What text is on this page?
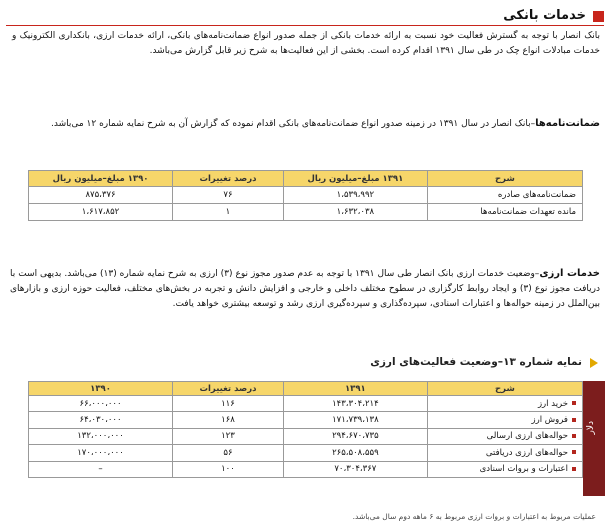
خدمات بانکی
بانک انصار با توجه به گسترش فعالیت خود نسبت به ارائه خدمات بانکی از جمله صدور انواع ضمانت‌نامه‌های بانکی، ارائه خدمات ارزی، بانکداری الکترونیک و خدمات مبادلات انواع چک در طی سال ۱۳۹۱ اقدام کرده است. بخشی از این فعالیت‌ها به شرح زیر قابل گزارش می‌باشد.
ضمانت‌نامه‌ها–بانک انصار در سال ۱۳۹۱ در زمینه صدور انواع ضمانت‌نامه‌های بانکی اقدام نموده که گزارش آن به شرح نمایه شماره ۱۲ می‌باشد.
شرح	۱۳۹۱ مبلغ–میلیون ریال	درصد تغییرات	۱۳۹۰ مبلغ–میلیون ریال
ضمانت‌نامه‌های صادره	۱،۵۳۹،۹۹۲	۷۶	۸۷۵،۳۷۶
مانده تعهدات ضمانت‌نامه‌ها	۱،۶۳۲،۰۳۸	۱	۱،۶۱۷،۸۵۲
خدمات ارزی–وضعیت خدمات ارزی بانک انصار طی سال ۱۳۹۱ با توجه به عدم صدور مجوز نوع (۳) ارزی به شرح نمایه شماره (۱۳) می‌باشد. بدیهی است با دریافت مجوز نوع (۳) و ایجاد روابط کارگزاری در سطوح مختلف داخلی و خارجی و افزایش دانش و تجربه در بخش‌های مختلف، فعالیت حوزه ارزی و بازارهای بین‌الملل در زمینه حواله‌ها و اعتبارات اسنادی، سپرده‌گذاری و سپرده‌گیری ارزی رشد و توسعه بیشتری خواهد یافت.
نمایه شماره ۱۳–وضعیت فعالیت‌های ارزی
دلار
شرح	۱۳۹۱	درصد تغییرات	۱۳۹۰
خرید ارز	۱۴۳،۳۰۴،۲۱۴	۱۱۶	۶۶،۰۰۰،۰۰۰
فروش ارز	۱۷۱،۷۳۹،۱۳۸	۱۶۸	۶۴،۰۳۰،۰۰۰
حواله‌های ارزی ارسالی	۲۹۴،۶۷۰،۷۳۵	۱۲۳	۱۳۲،۰۰۰،۰۰۰
حواله‌های ارزی دریافتی	۲۶۵،۵۰۸،۵۵۹	۵۶	۱۷۰،۰۰۰،۰۰۰
اعتبارات و بروات اسنادی	۷۰،۳۰۴،۳۶۷	۱۰۰	–
عملیات مربوط به اعتبارات و بروات ارزی مربوط به ۶ ماهه دوم سال می‌باشد.
